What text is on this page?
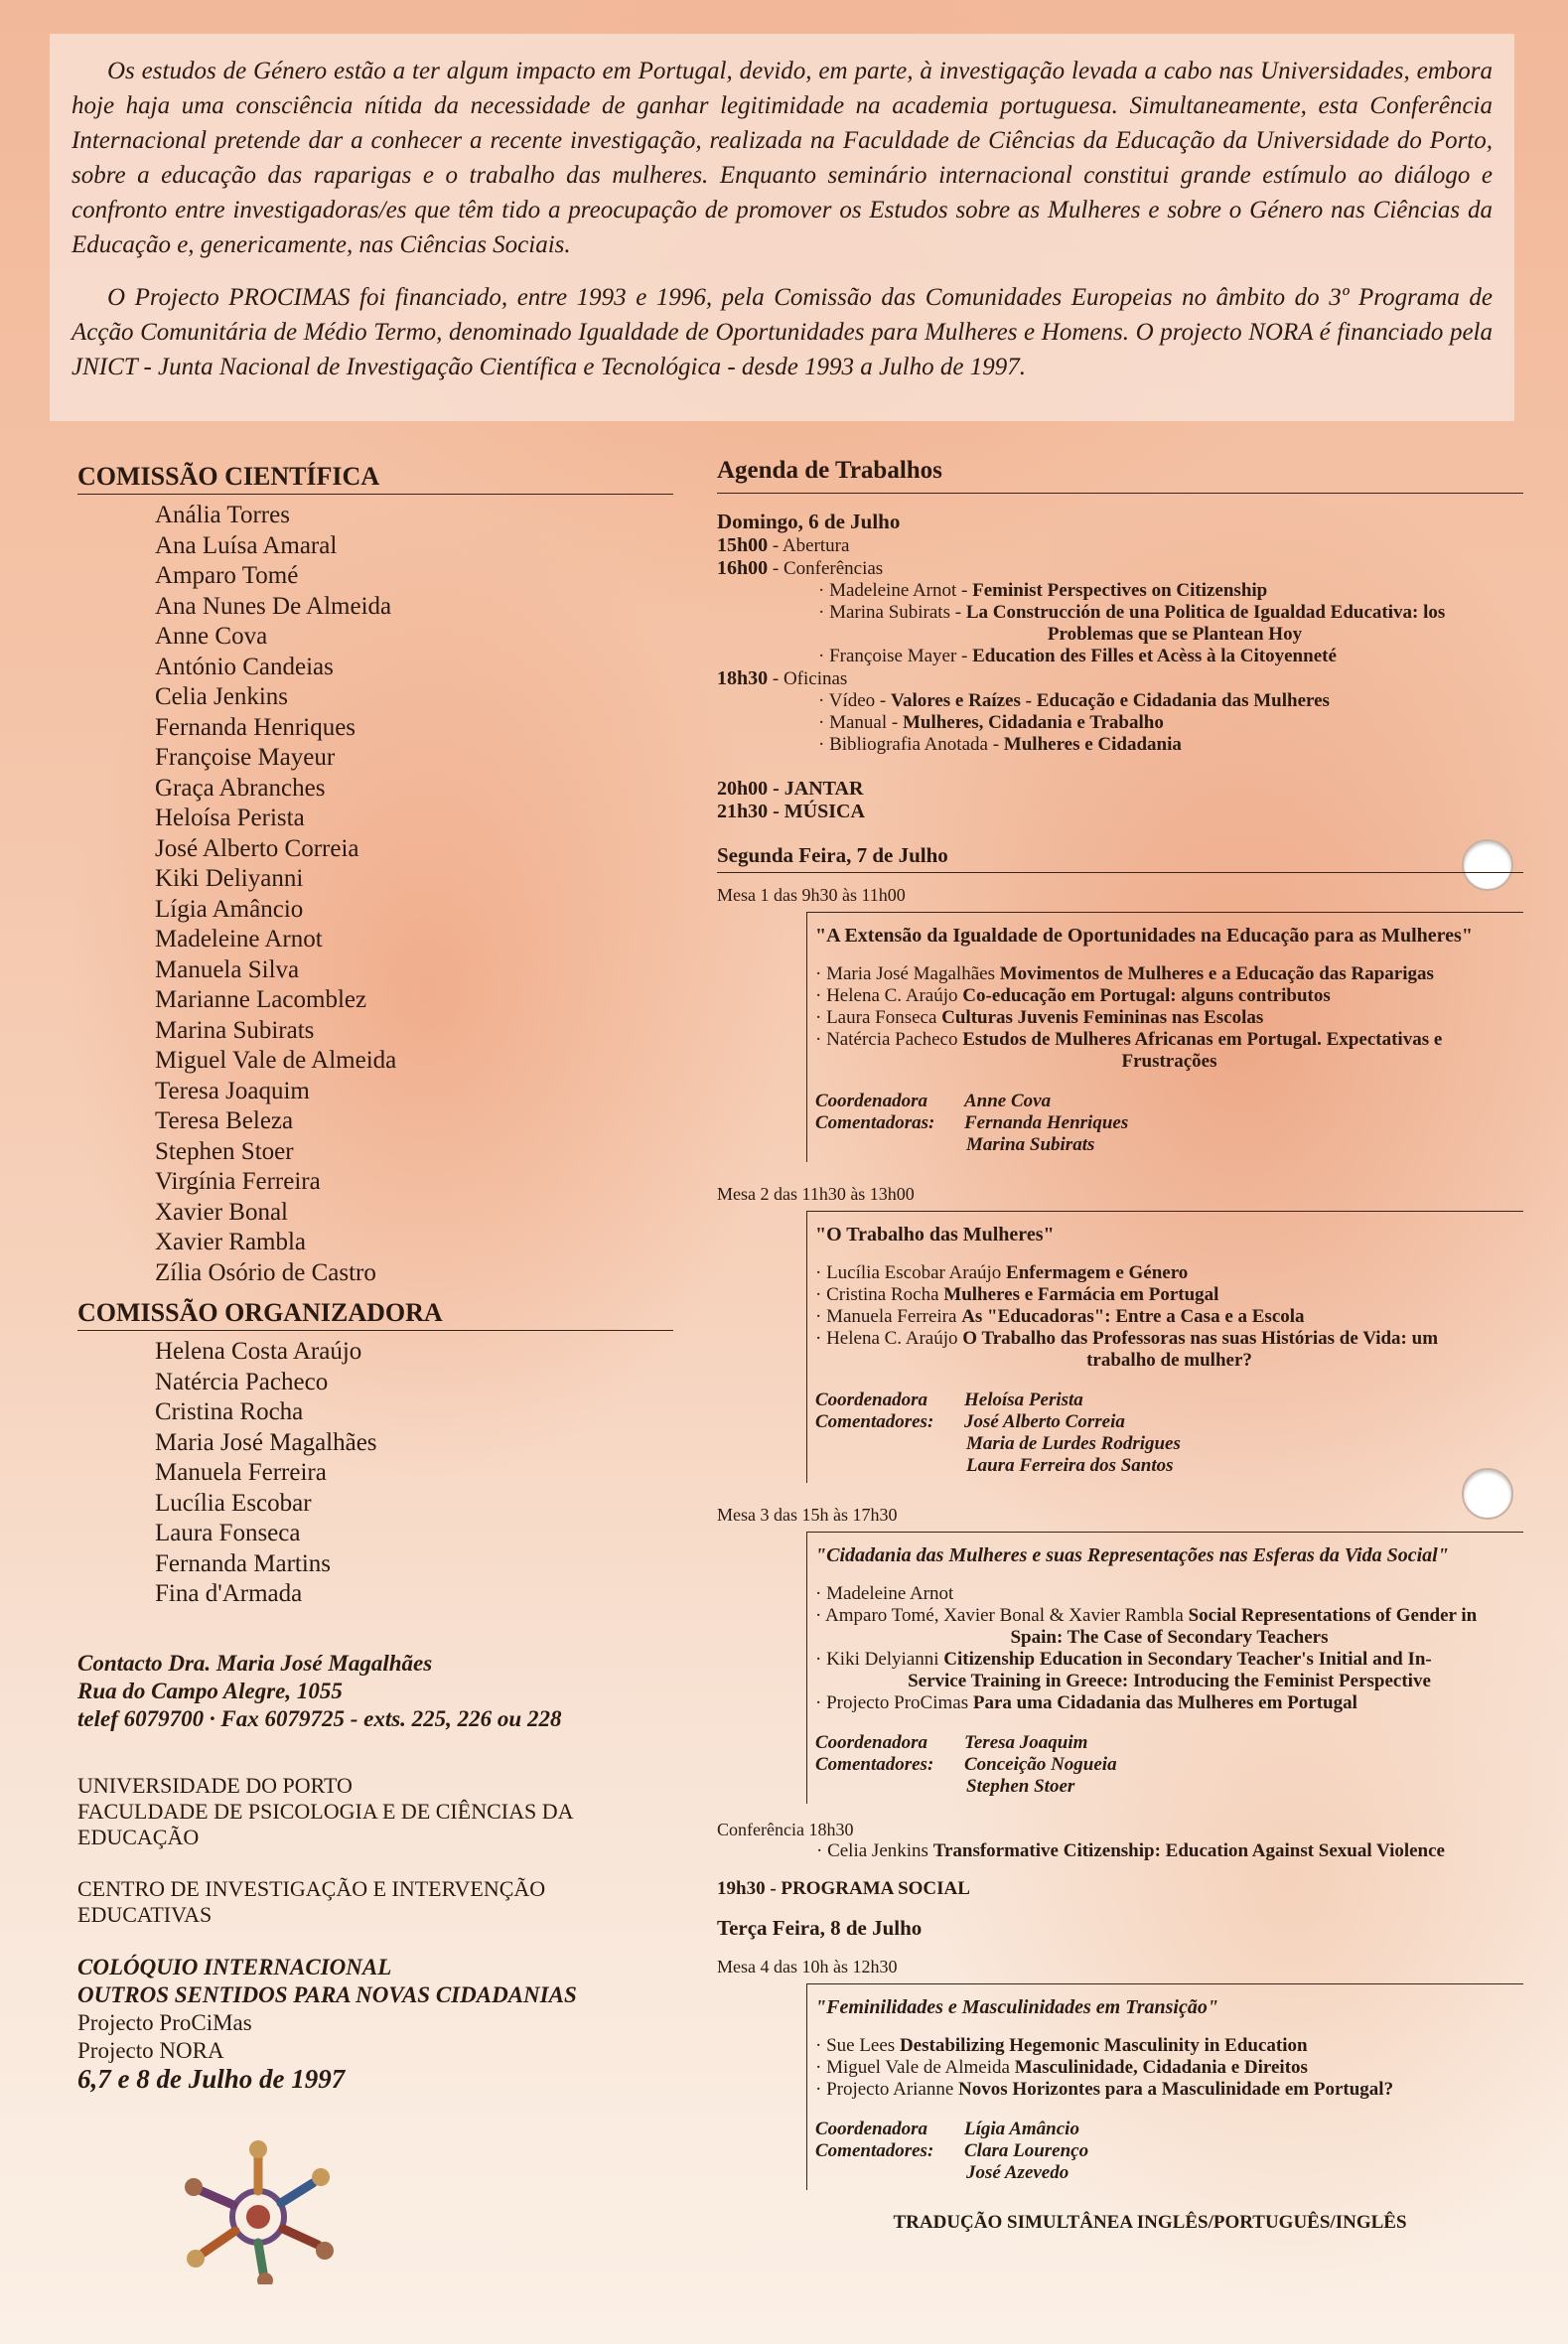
Os estudos de Género estão a ter algum impacto em Portugal, devido, em parte, à investigação levada a cabo nas Universidades, embora hoje haja uma consciência nítida da necessidade de ganhar legitimidade na academia portuguesa. Simultaneamente, esta Conferência Internacional pretende dar a conhecer a recente investigação, realizada na Faculdade de Ciências da Educação da Universidade do Porto, sobre a educação das raparigas e o trabalho das mulheres. Enquanto seminário internacional constitui grande estímulo ao diálogo e confronto entre investigadoras/es que têm tido a preocupação de promover os Estudos sobre as Mulheres e sobre o Género nas Ciências da Educação e, genericamente, nas Ciências Sociais.

O Projecto PROCIMAS foi financiado, entre 1993 e 1996, pela Comissão das Comunidades Europeias no âmbito do 3º Programa de Acção Comunitária de Médio Termo, denominado Igualdade de Oportunidades para Mulheres e Homens. O projecto NORA é financiado pela JNICT - Junta Nacional de Investigação Científica e Tecnológica - desde 1993 a Julho de 1997.

COMISSÃO CIENTÍFICA
Anália Torres
Ana Luísa Amaral
Amparo Tomé
Ana Nunes De Almeida
Anne Cova
António Candeias
Celia Jenkins
Fernanda Henriques
Françoise Mayeur
Graça Abranches
Heloísa Perista
José Alberto Correia
Kiki Deliyanni
Lígia Amâncio
Madeleine Arnot
Manuela Silva
Marianne Lacomblez
Marina Subirats
Miguel Vale de Almeida
Teresa Joaquim
Teresa Beleza
Stephen Stoer
Virgínia Ferreira
Xavier Bonal
Xavier Rambla
Zília Osório de Castro
COMISSÃO ORGANIZADORA
Helena Costa Araújo
Natércia Pacheco
Cristina Rocha
Maria José Magalhães
Manuela Ferreira
Lucília Escobar
Laura Fonseca
Fernanda Martins
Fina d'Armada
Contacto Dra. Maria José Magalhães
Rua do Campo Alegre, 1055
telef 6079700 · Fax 6079725 - exts. 225, 226 ou 228
UNIVERSIDADE DO PORTO
FACULDADE DE PSICOLOGIA E DE CIÊNCIAS DA EDUCAÇÃO
CENTRO DE INVESTIGAÇÃO E INTERVENÇÃO EDUCATIVAS
COLÓQUIO INTERNACIONAL
OUTROS SENTIDOS PARA NOVAS CIDADANIAS
Projecto ProCiMas
Projecto NORA
6,7 e 8 de Julho de 1997
Agenda de Trabalhos
Domingo, 6 de Julho
15h00 - Abertura
16h00 - Conferências
· Madeleine Arnot - Feminist Perspectives on Citizenship
· Marina Subirats - La Construcción de una Politica de Igualdad Educativa: los
Problemas que se Plantean Hoy
· Françoise Mayer - Education des Filles et Acèss à la Citoyenneté
18h30 - Oficinas
· Vídeo - Valores e Raízes - Educação e Cidadania das Mulheres
· Manual - Mulheres, Cidadania e Trabalho
· Bibliografia Anotada - Mulheres e Cidadania
20h00 - JANTAR
21h30 - MÚSICA
Segunda Feira, 7 de Julho
Mesa 1 das 9h30 às 11h00
"A Extensão da Igualdade de Oportunidades na Educação para as Mulheres"
· Maria José Magalhães Movimentos de Mulheres e a Educação das Raparigas
· Helena C. Araújo Co-educação em Portugal: alguns contributos
· Laura Fonseca Culturas Juvenis Femininas nas Escolas
· Natércia Pacheco Estudos de Mulheres Africanas em Portugal. Expectativas e
Frustrações
Coordenadora Anne Cova
Comentadoras: Fernanda Henriques
Marina Subirats
Mesa 2 das 11h30 às 13h00
"O Trabalho das Mulheres"
· Lucília Escobar Araújo Enfermagem e Género
· Cristina Rocha Mulheres e Farmácia em Portugal
· Manuela Ferreira As "Educadoras": Entre a Casa e a Escola
· Helena C. Araújo O Trabalho das Professoras nas suas Histórias de Vida: um
trabalho de mulher?
Coordenadora Heloísa Perista
Comentadores: José Alberto Correia
Maria de Lurdes Rodrigues
Laura Ferreira dos Santos
Mesa 3 das 15h às 17h30
"Cidadania das Mulheres e suas Representações nas Esferas da Vida Social"
· Madeleine Arnot
· Amparo Tomé, Xavier Bonal & Xavier Rambla Social Representations of Gender in
Spain: The Case of Secondary Teachers
· Kiki Delyianni Citizenship Education in Secondary Teacher's Initial and In-
Service Training in Greece: Introducing the Feminist Perspective
· Projecto ProCimas Para uma Cidadania das Mulheres em Portugal
Coordenadora Teresa Joaquim
Comentadores: Conceição Nogueia
Stephen Stoer
Conferência 18h30
· Celia Jenkins Transformative Citizenship: Education Against Sexual Violence
19h30 - PROGRAMA SOCIAL
Terça Feira, 8 de Julho
Mesa 4 das 10h às 12h30
"Feminilidades e Masculinidades em Transição"
· Sue Lees Destabilizing Hegemonic Masculinity in Education
· Miguel Vale de Almeida Masculinidade, Cidadania e Direitos
· Projecto Arianne Novos Horizontes para a Masculinidade em Portugal?
Coordenadora Lígia Amâncio
Comentadores: Clara Lourenço
José Azevedo
TRADUÇÃO SIMULTÂNEA INGLÊS/PORTUGUÊS/INGLÊS
